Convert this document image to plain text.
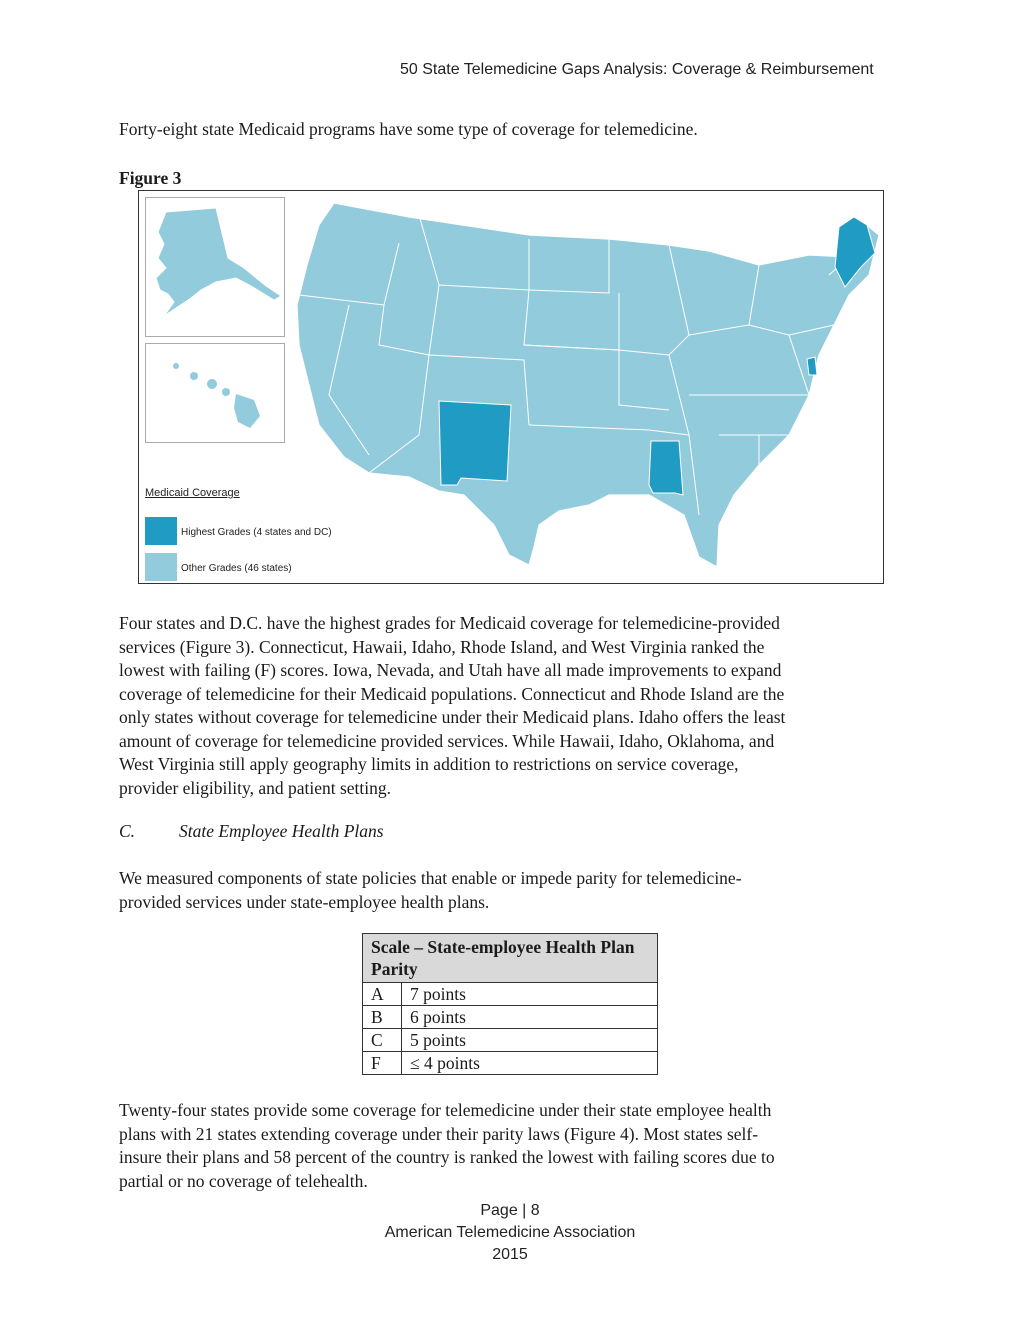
50 State Telemedicine Gaps Analysis: Coverage & Reimbursement
Forty-eight state Medicaid programs have some type of coverage for telemedicine.
Figure 3
Medicaid Coverage
Highest Grades (4 states and DC)
Other Grades (46 states)
Four states and D.C. have the highest grades for Medicaid coverage for telemedicine-provided
services (Figure 3). Connecticut, Hawaii, Idaho, Rhode Island, and West Virginia ranked the
lowest with failing (F) scores. Iowa, Nevada, and Utah have all made improvements to expand
coverage of telemedicine for their Medicaid populations. Connecticut and Rhode Island are the
only states without coverage for telemedicine under their Medicaid plans. Idaho offers the least
amount of coverage for telemedicine provided services. While Hawaii, Idaho, Oklahoma, and
West Virginia still apply geography limits in addition to restrictions on service coverage,
provider eligibility, and patient setting.
C.	State Employee Health Plans
We measured components of state policies that enable or impede parity for telemedicine-
provided services under state-employee health plans.
Scale – State-employee Health Plan Parity	
A	7 points
B	6 points
C	5 points
F	≤ 4 points
Twenty-four states provide some coverage for telemedicine under their state employee health
plans with 21 states extending coverage under their parity laws (Figure 4). Most states self-
insure their plans and 58 percent of the country is ranked the lowest with failing scores due to
partial or no coverage of telehealth.
Page | 8
American Telemedicine Association
2015
